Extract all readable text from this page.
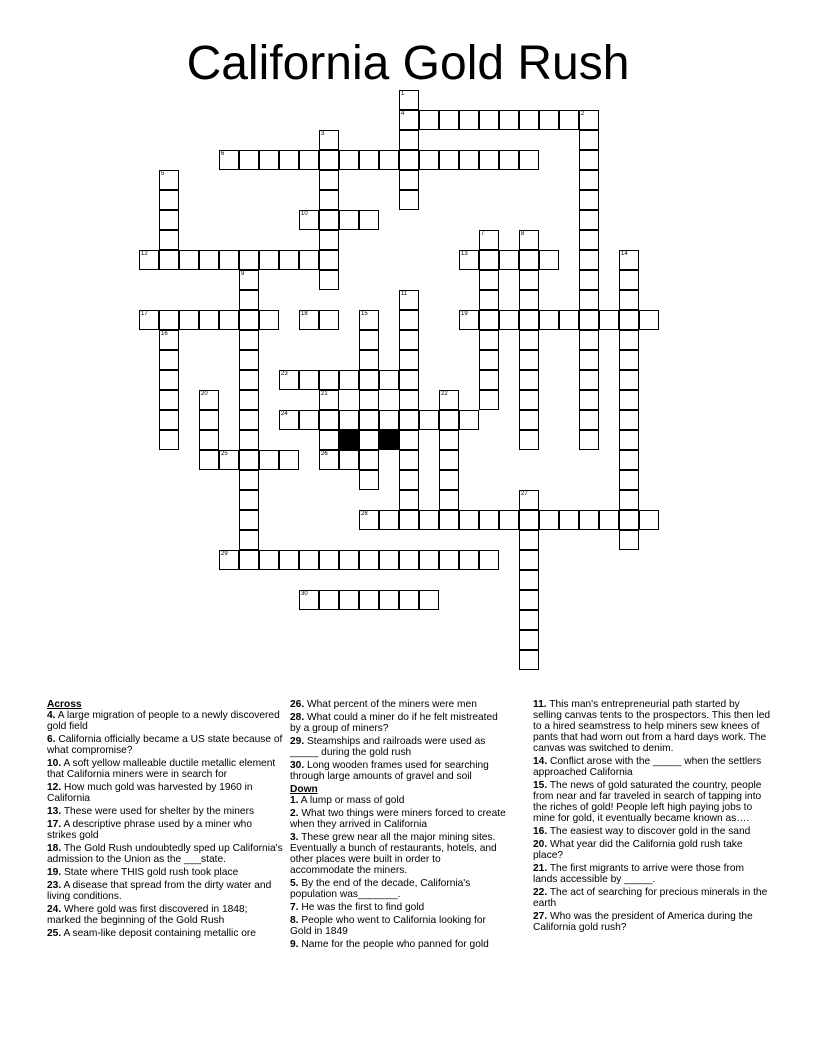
California Gold Rush
4
6
10
12	13
17	18	19
23
24
25	26
28
29
30
1
2
3
5
7	8
9
11
14
15
16
20	21	22
27
Across
4. A large migration of people to a newly discovered gold field
6. California officially became a US state because of what compromise?
10. A soft yellow malleable ductile metallic element that California miners were in search for
12. How much gold was harvested by 1960 in California
13. These were used for shelter by the miners
17. A descriptive phrase used by a miner who strikes gold
18. The Gold Rush undoubtedly sped up California's admission to the Union as the ___state.
19. State where THIS gold rush took place
23. A disease that spread from the dirty water and living conditions.
24. Where gold was first discovered in 1848; marked the beginning of the Gold Rush
25. A seam-like deposit containing metallic ore
26. What percent of the miners were men
28. What could a miner do if he felt mistreated by a group of miners?
29. Steamships and railroads were used as _____ during the gold rush
30. Long wooden frames used for searching through large amounts of gravel and soil
Down
1. A lump or mass of gold
2. What two things were miners forced to create when they arrived in California
3. These grew near all the major mining sites. Eventually a bunch of restaurants, hotels, and other places were built in order to accommodate the miners.
5. By the end of the decade, California's population was_______.
7. He was the first to find gold
8. People who went to California looking for Gold in 1849
9. Name for the people who panned for gold
11. This man's entrepreneurial path started by selling canvas tents to the prospectors. This then led to a hired seamstress to help miners sew knees of pants that had worn out from a hard days work. The canvas was switched to denim.
14. Conflict arose with the _____ when the settlers approached California
15. The news of gold saturated the country, people from near and far traveled in search of tapping into the riches of gold! People left high paying jobs to mine for gold, it eventually became known as….
16. The easiest way to discover gold in the sand
20. What year did the California gold rush take place?
21. The first migrants to arrive were those from lands accessible by _____.
22. The act of searching for precious minerals in the earth
27. Who was the president of America during the California gold rush?
